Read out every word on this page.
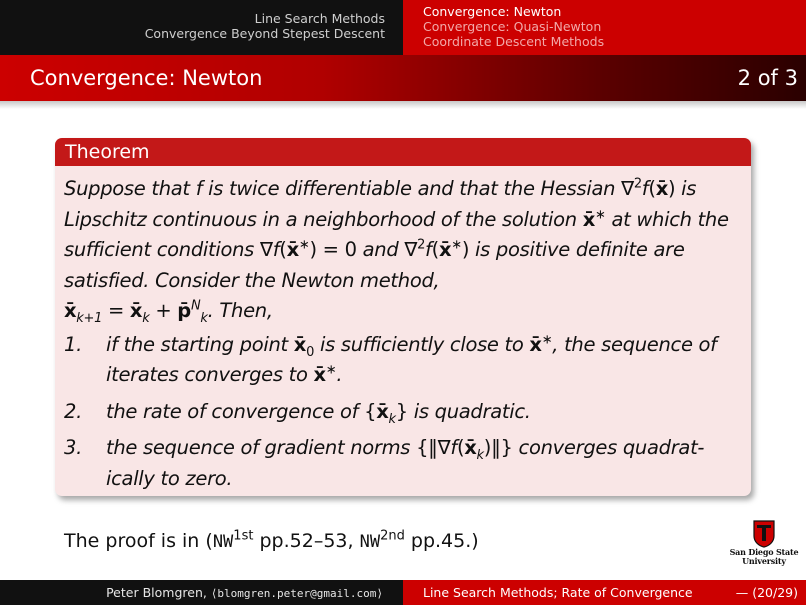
Line Search Methods
Convergence Beyond Stepest Descent
Convergence: Newton
Convergence: Quasi-Newton
Coordinate Descent Methods
Convergence: Newton	2 of 3
Theorem

Suppose that f is twice differentiable and that the Hessian ∇$^2$f(x̄) is Lipschitz continuous in a neighborhood of the solution x̄∗ at which the sufficient conditions ∇f(x̄∗) = 0 and ∇$^2$f(x̄∗) is positive definite are satisfied. Consider the Newton method,

$x̄_{k+1}$ = $x̄_k$ + p̄$^N_k$. Then,

1. if the starting point $x̄_0$ is sufficiently close to x̄∗, the sequence of iterates converges to x̄∗.
2. the rate of convergence of $\{x̄_k\}$ is quadratic.
3. the sequence of gradient norms $\{‖\nabla f(x̄_k)‖\}$ converges quadrat-ically to zero.
The proof is in ($NW^{1st}$ pp.52–53, $NW^{2nd}$ pp.45.)	San Diego State
University
Peter Blomgren, ⟨blomgren.peter@gmail.com⟩	Line Search Methods; Rate of Convergence	— (20/29)
